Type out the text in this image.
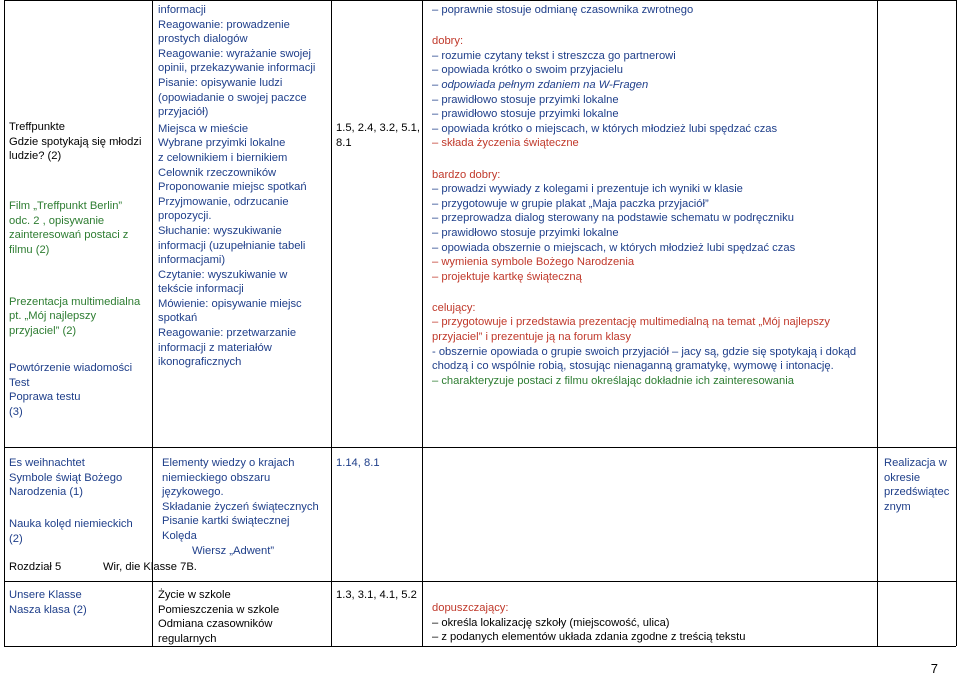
Treffpunkte
Gdzie spotykają się młodzi
ludzie? (2)
Film „Treffpunkt Berlin”
odc. 2 , opisywanie
zainteresowań postaci z
filmu (2)
Prezentacja multimedialna
pt. „Mój najlepszy
przyjaciel” (2)
Powtórzenie wiadomości
Test
Poprawa testu
(3)
informacji
Reagowanie: prowadzenie
prostych dialogów
Reagowanie: wyrażanie swojej
opinii, przekazywanie informacji
Pisanie: opisywanie ludzi
(opowiadanie o swojej paczce
przyjaciół)
Miejsca w mieście
Wybrane przyimki lokalne
z celownikiem i biernikiem
Celownik rzeczowników
Proponowanie miejsc spotkań
Przyjmowanie, odrzucanie
propozycji.
Słuchanie: wyszukiwanie
informacji (uzupełnianie tabeli
informacjami)
Czytanie: wyszukiwanie w
tekście informacji
Mówienie: opisywanie miejsc
spotkań
Reagowanie: przetwarzanie
informacji z materiałów
ikonograficznych
1.5, 2.4, 3.2, 5.1,
8.1
– poprawnie stosuje odmianę czasownika zwrotnego
dobry:
– rozumie czytany tekst i streszcza go partnerowi
– opowiada krótko o swoim przyjacielu
– odpowiada pełnym zdaniem na W-Fragen
– prawidłowo stosuje przyimki lokalne
– prawidłowo stosuje przyimki lokalne
– opowiada krótko o miejscach, w których młodzież lubi spędzać czas
– składa życzenia świąteczne
bardzo dobry:
– prowadzi wywiady z kolegami i prezentuje ich wyniki w klasie
– przygotowuje w grupie plakat „Maja paczka przyjaciół”
– przeprowadza dialog sterowany na podstawie schematu w podręczniku
– prawidłowo stosuje przyimki lokalne
– opowiada obszernie o miejscach, w których młodzież lubi spędzać czas
– wymienia symbole Bożego Narodzenia
– projektuje kartkę świąteczną
celujący:
– przygotowuje i przedstawia prezentację multimedialną na temat „Mój najlepszy
przyjaciel” i prezentuje ją na forum klasy
- obszernie opowiada o grupie swoich przyjaciół – jacy są, gdzie się spotykają i dokąd
chodzą i co wspólnie robią, stosując nienaganną gramatykę, wymowę i intonację.
– charakteryzuje postaci z filmu określając dokładnie ich zainteresowania
Es weihnachtet
Symbole świąt Bożego
Narodzenia (1)
Nauka kolęd niemieckich
(2)
Rozdział 5	Wir, die Klasse 7B.
Elementy wiedzy o krajach
niemieckiego obszaru
językowego.
Składanie życzeń świątecznych
Pisanie kartki świątecznej
Kolęda
Wiersz „Adwent”
1.14, 8.1	Realizacja w
okresie
przedświątec
znym
Unsere Klasse
Nasza klasa (2)
Życie w szkole
Pomieszczenia w szkole
Odmiana czasowników
regularnych
1.3, 3.1, 4.1, 5.2
dopuszczający:
– określa lokalizację szkoły (miejscowość, ulica)
– z podanych elementów układa zdania zgodne z treścią tekstu
7
